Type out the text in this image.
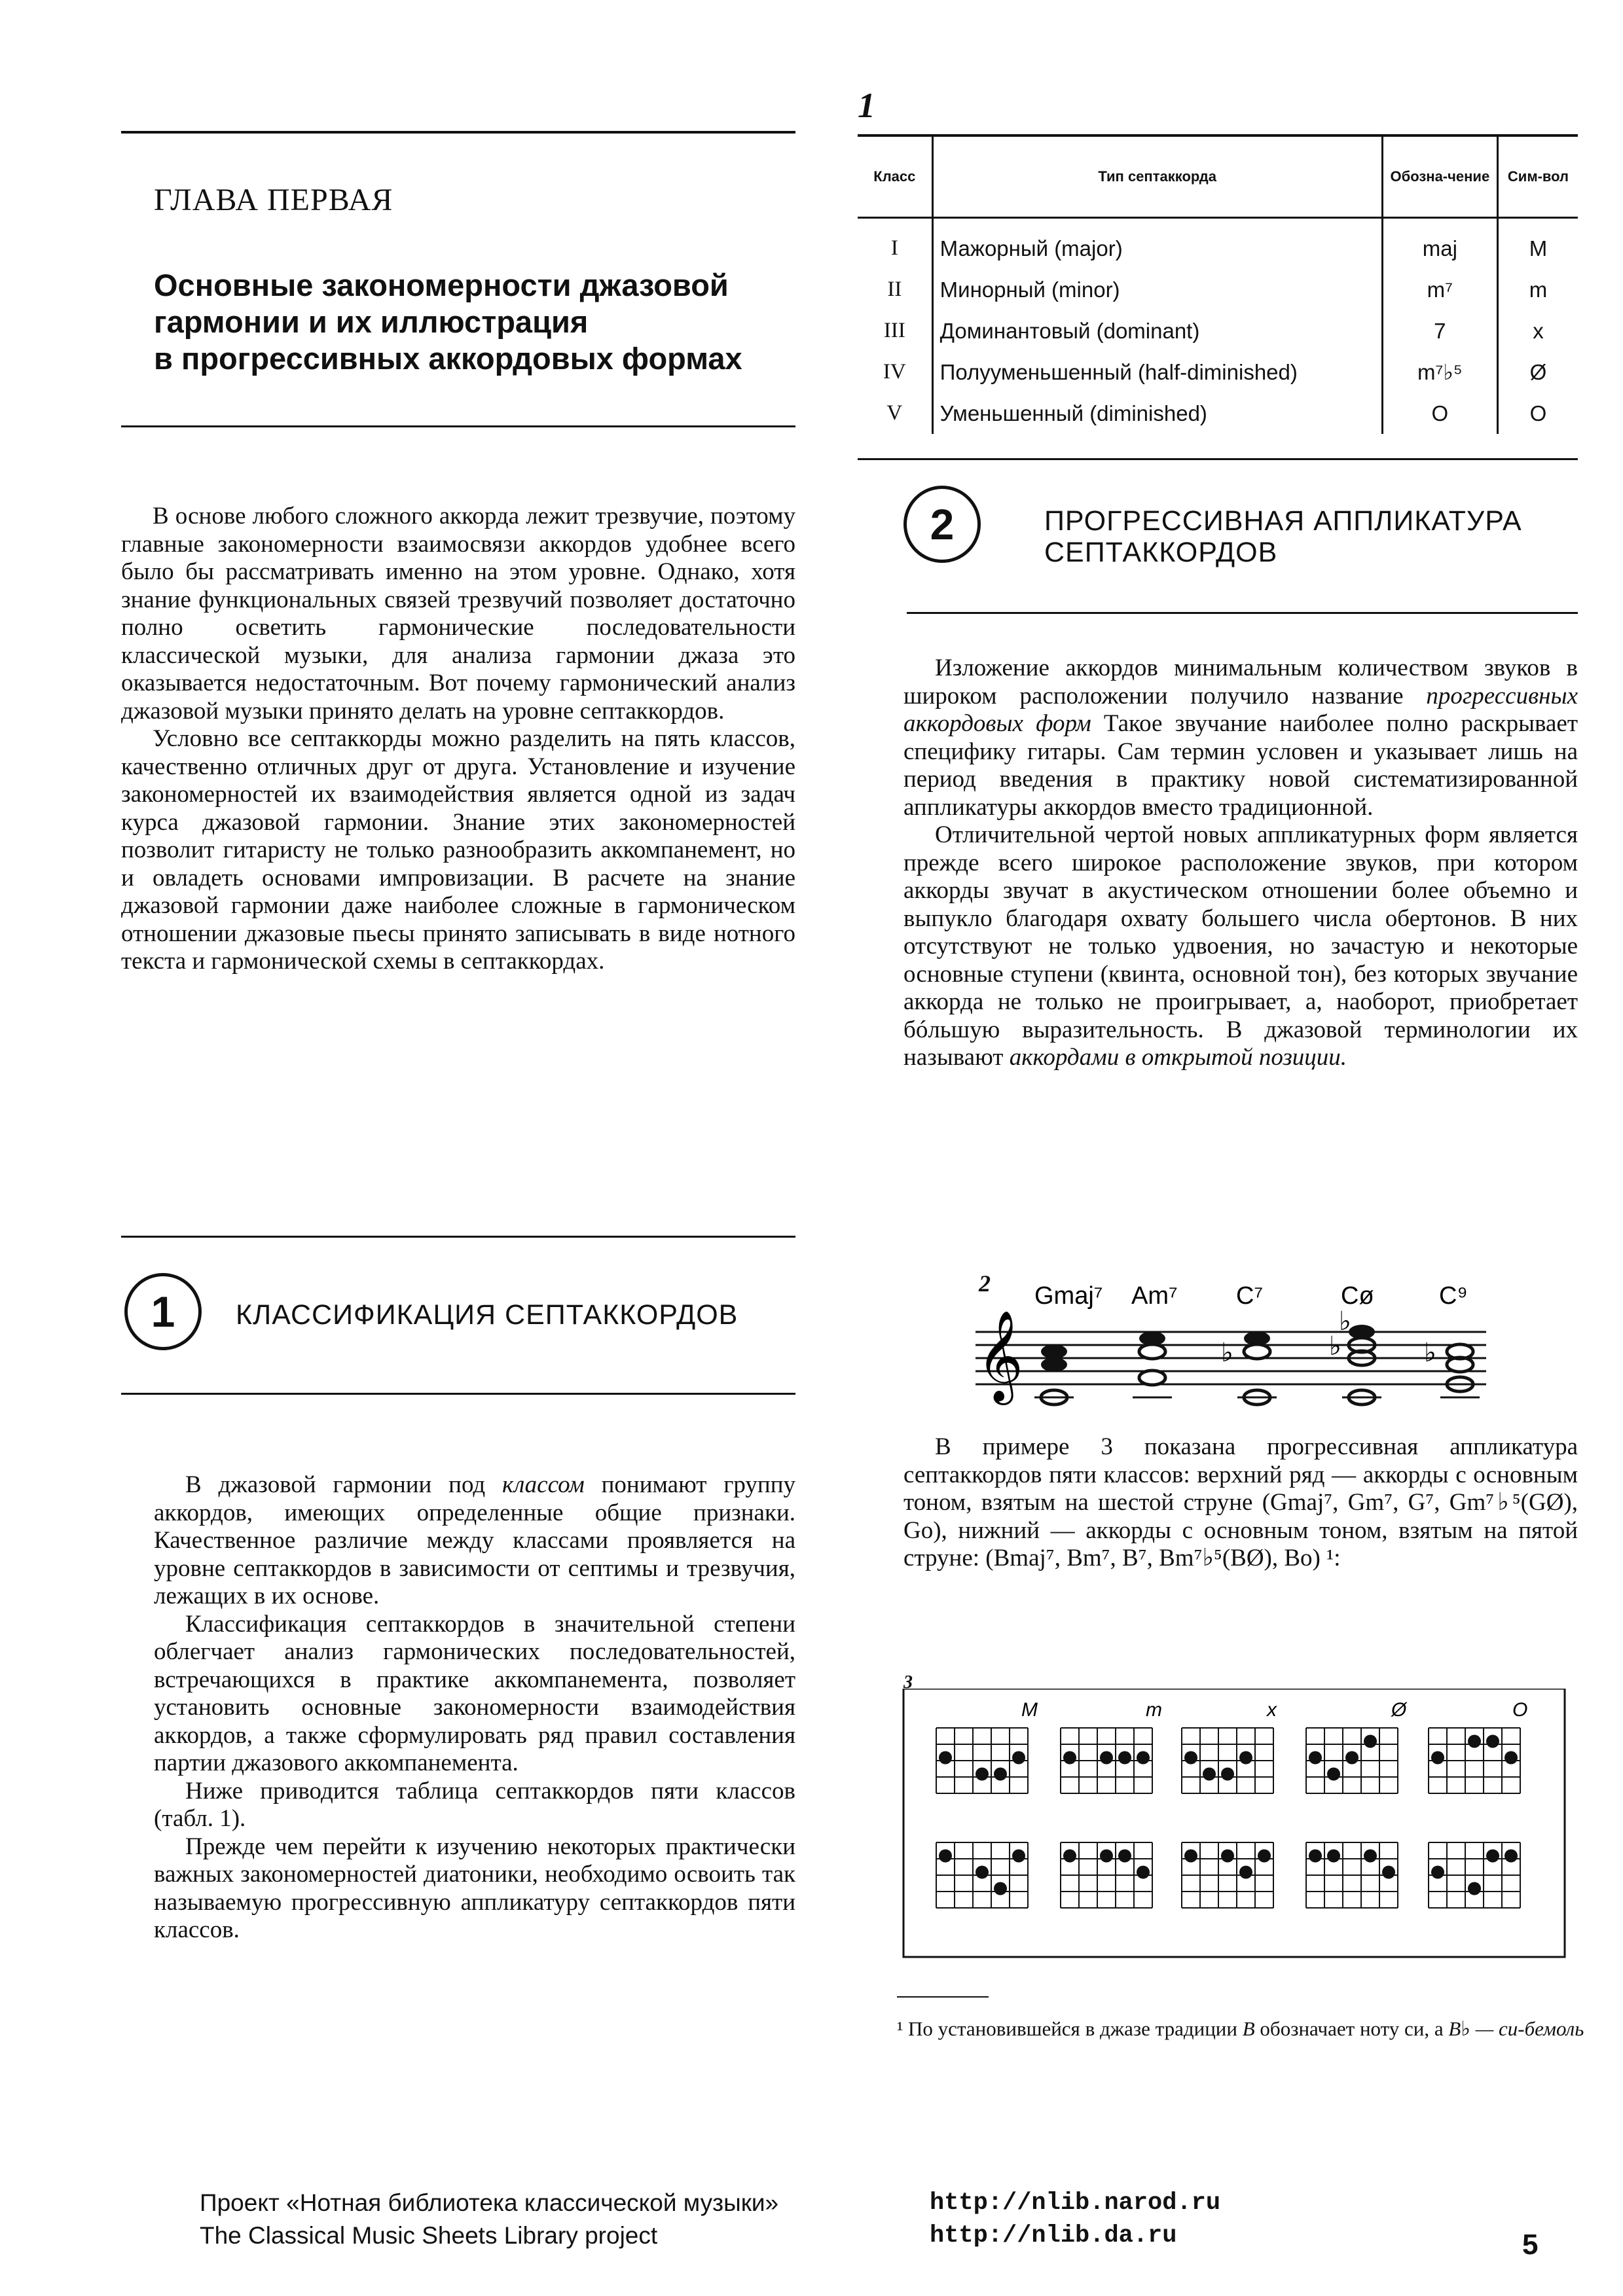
ГЛАВА ПЕРВАЯ
Основные закономерности джазовой
гармонии и их иллюстрация
в прогрессивных аккордовых формах

В основе любого сложного аккорда лежит трезвучие, поэтому главные закономерности взаимосвязи аккордов удобнее всего было бы рассматривать именно на этом уровне. Однако, хотя знание функциональных связей трезвучий позволяет достаточно полно осветить гармонические последовательности классической музыки, для анализа гармонии джаза это оказывается недостаточным. Вот почему гармонический анализ джазовой музыки принято делать на уровне септаккордов.

Условно все септаккорды можно разделить на пять классов, качественно отличных друг от друга. Установление и изучение закономерностей их взаимодействия является одной из задач курса джазовой гармонии. Знание этих закономерностей позволит гитаристу не только разнообразить аккомпанемент, но и овладеть основами импровизации. В расчете на знание джазовой гармонии даже наиболее сложные в гармоническом отношении джазовые пьесы принято записывать в виде нотного текста и гармонической схемы в септаккордах.

1	КЛАССИФИКАЦИЯ СЕПТАККОРДОВ

В джазовой гармонии под классом понимают группу аккордов, имеющих определенные общие признаки. Качественное различие между классами проявляется на уровне септаккордов в зависимости от септимы и трезвучия, лежащих в их основе.

Классификация септаккордов в значительной степени облегчает анализ гармонических последовательностей, встречающихся в практике аккомпанемента, позволяет установить основные закономерности взаимодействия аккордов, а также сформулировать ряд правил составления партии джазового аккомпанемента.

Ниже приводится таблица септаккордов пяти классов (табл. 1).

Прежде чем перейти к изучению некоторых практически важных закономерностей диатоники, необходимо освоить так называемую прогрессивную аппликатуру септаккордов пяти классов.

1
Класс	Тип септаккорда	Обозна-чение	Сим-вол
I	Мажорный (major)	maj	M
II	Минорный (minor)	m⁷	m
III	Доминантовый (dominant)	7	x
IV	Полууменьшенный (half-diminished)	m⁷♭⁵	Ø
V	Уменьшенный (diminished)	O	O
2	ПРОГРЕССИВНАЯ АППЛИКАТУРА
СЕПТАККОРДОВ

Изложение аккордов минимальным количеством звуков в широком расположении получило название прогрессивных аккордовых форм Такое звучание наиболее полно раскрывает специфику гитары. Сам термин условен и указывает лишь на период введения в практику новой систематизированной аппликатуры аккордов вместо традиционной.

Отличительной чертой новых аппликатурных форм является прежде всего широкое расположение звуков, при котором аккорды звучат в акустическом отношении более объемно и выпукло благодаря охвату большего числа обертонов. В них отсутствуют не только удвоения, но зачастую и некоторые основные ступени (квинта, основной тон), без которых звучание аккорда не только не проигрывает, а, наоборот, приобретает бóльшую выразительность. В джазовой терминологии их называют аккордами в открытой позиции.

2 Gmaj⁷ Am⁷ C⁷	Cø	C⁹
𝄞	♭	♭
♭
♭

В примере 3 показана прогрессивная аппликатура септаккордов пяти классов: верхний ряд — аккорды с основным тоном, взятым на шестой струне (Gmaj⁷, Gm⁷, G⁷, Gm⁷♭⁵(GØ), Go), нижний — аккорды с основным тоном, взятым на пятой струне: (Bmaj⁷, Bm⁷, B⁷, Bm⁷♭⁵(BØ), Bo) ¹:

3
M	m	x	Ø	O
¹ По установившейся в джазе традиции B обозначает ноту си, а B♭ — си-бемоль
Проект «Нотная библиотека классической музыки»
The Classical Music Sheets Library project
http://nlib.narod.ru
http://nlib.da.ru	5
